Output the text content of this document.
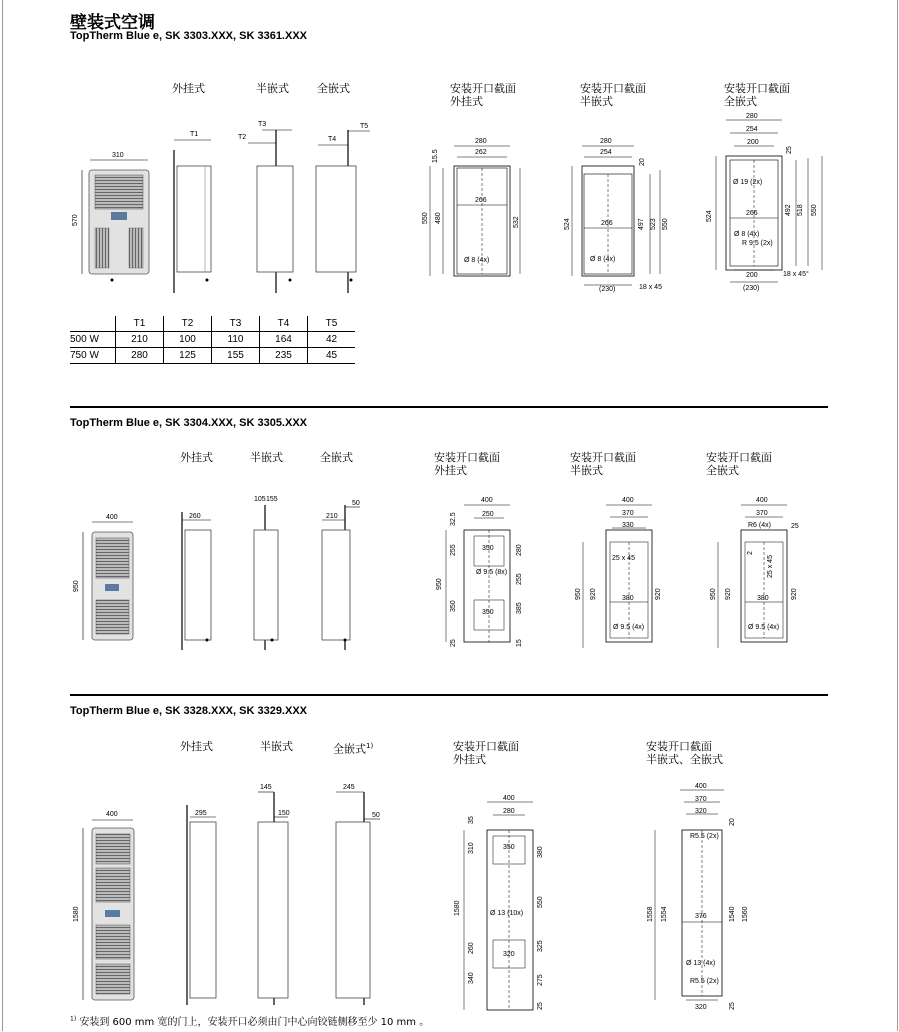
壁装式空调
TopTherm Blue e, SK 3303.XXX, SK 3361.XXX
外挂式	半嵌式	全嵌式	安装开口截面
外挂式
安装开口截面
半嵌式
安装开口截面
全嵌式
310
570
T1	T2
T3
T4
T5
280
262
266
15.5
480
550	532
Ø 8 (4x)
280
254
266
20
524	497 523 550
Ø 8 (4x)
(230)	18 x 45
280
254
200
25
524
492 518 550
Ø 19 (2x)
266
Ø 8 (4x)
R 9.5 (2x)
200
(230)
18 x 45°
	T1	T2	T3	T4	T5
500 W	210	100	110	164	42
750 W	280	125	155	235	45
TopTherm Blue e, SK 3304.XXX, SK 3305.XXX
外挂式	半嵌式	全嵌式	安装开口截面
外挂式
安装开口截面
半嵌式
安装开口截面
全嵌式
400
950
260
105 155
210
50	400
250
350
32.5
255
950
280
255
350	385
350
25	15
Ø 9.5 (8x)
400
370
330
25 x 45
950 920	380	920
Ø 9.5 (4x)
400
370
R6 (4x)	25
2
25 x 45
950 920	380	920
Ø 9.5 (4x)
TopTherm Blue e, SK 3328.XXX, SK 3329.XXX
外挂式	半嵌式	全嵌式$^{1)}$	安装开口截面
外挂式
安装开口截面
半嵌式、全嵌式
400
1580
295
145
150
245
50
400
280
35
310	350	380
1580	Ø 13 (10x)
550
260	325
320
340	275
25
400
370
320
20
R5.5 (2x)
1558 1554	376	1540 1560
Ø 13 (4x)
R5.5 (2x)
25
320
$^{1)}$ 安装到 600 mm 宽的门上，安装开口必须由门中心向铰链侧移至少 10 mm 。
